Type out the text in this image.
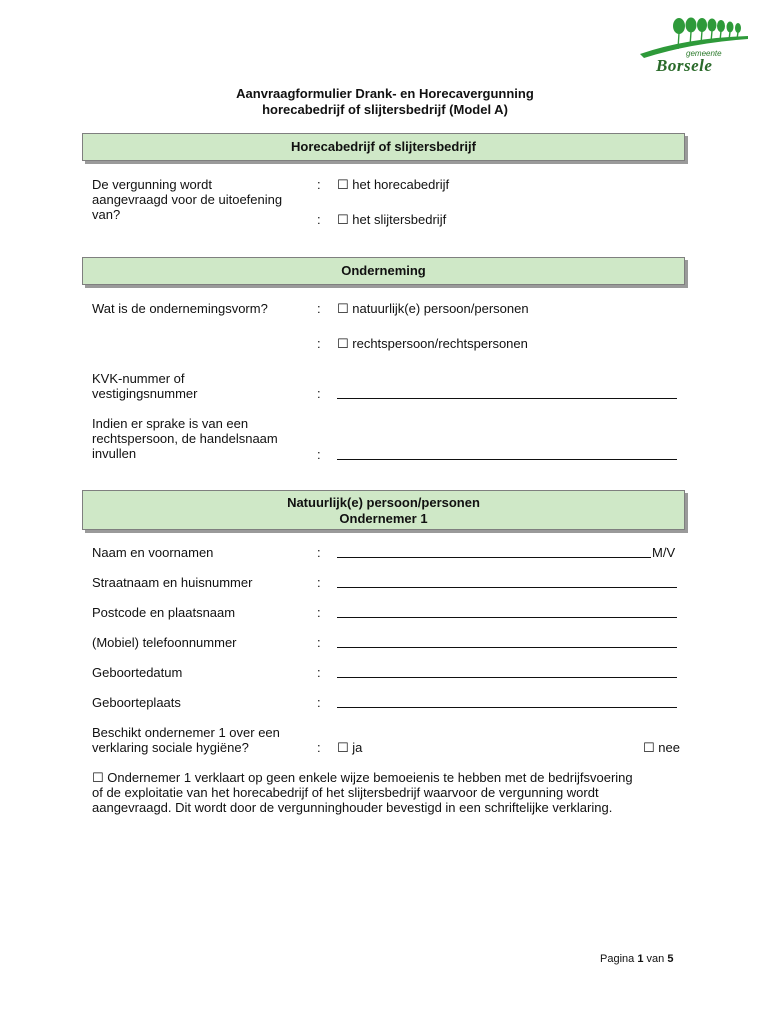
gemeente
Borsele
Aanvraagformulier Drank- en Horecavergunning
horecabedrijf of slijtersbedrijf (Model A)
Horecabedrijf of slijtersbedrijf
De vergunning wordt
aangevraagd voor de uitoefening
van?
: ☐ het horecabedrijf
: ☐ het slijtersbedrijf
Onderneming
Wat is de ondernemingsvorm?	: ☐ natuurlijk(e) persoon/personen
: ☐ rechtspersoon/rechtspersonen
KVK-nummer of
vestigingsnummer	:
Indien er sprake is van een
rechtspersoon, de handelsnaam
invullen	:
Natuurlijk(e) persoon/personen
Ondernemer 1
Naam en voornamen	:	M/V
Straatnaam en huisnummer	:
Postcode en plaatsnaam	:
(Mobiel) telefoonnummer	:
Geboortedatum	:
Geboorteplaats	:
Beschikt ondernemer 1 over een
verklaring sociale hygiëne?	: ☐ ja	☐ nee
☐ Ondernemer 1 verklaart op geen enkele wijze bemoeienis te hebben met de bedrijfsvoering
of de exploitatie van het horecabedrijf of het slijtersbedrijf waarvoor de vergunning wordt
aangevraagd. Dit wordt door de vergunninghouder bevestigd in een schriftelijke verklaring.
Pagina 1 van 5
